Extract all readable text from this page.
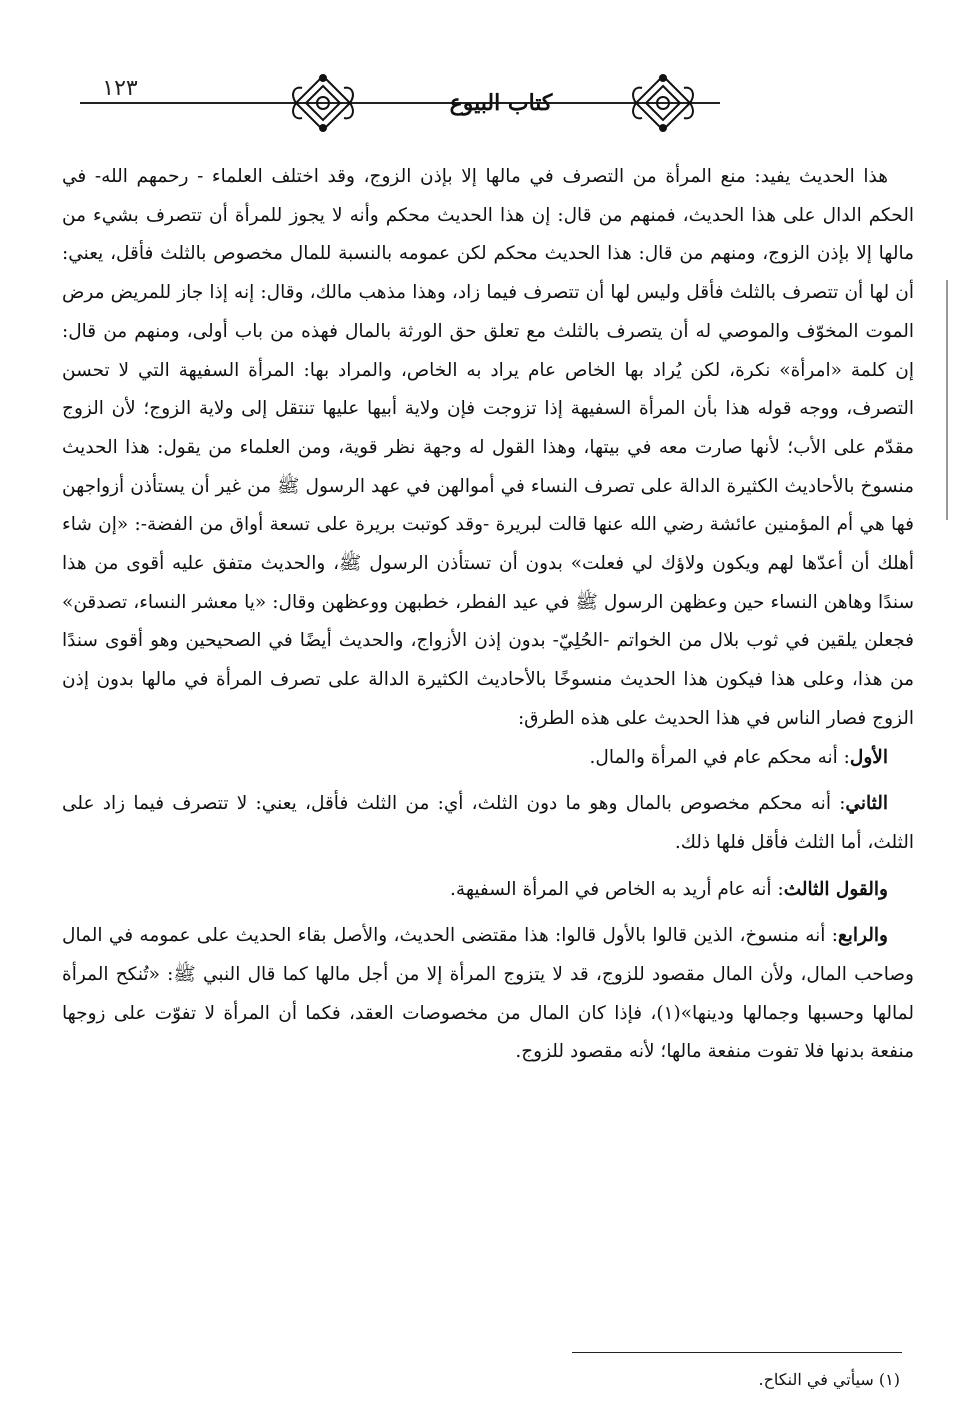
١٢٣
كتاب البيوع

هذا الحديث يفيد: منع المرأة من التصرف في مالها إلا بإذن الزوج، وقد اختلف العلماء - رحمهم الله- في الحكم الدال على هذا الحديث، فمنهم من قال: إن هذا الحديث محكم وأنه لا يجوز للمرأة أن تتصرف بشيء من مالها إلا بإذن الزوج، ومنهم من قال: هذا الحديث محكم لكن عمومه بالنسبة للمال مخصوص بالثلث فأقل، يعني: أن لها أن تتصرف بالثلث فأقل وليس لها أن تتصرف فيما زاد، وهذا مذهب مالك، وقال: إنه إذا جاز للمريض مرض الموت المخوّف والموصي له أن يتصرف بالثلث مع تعلق حق الورثة بالمال فهذه من باب أولى، ومنهم من قال: إن كلمة «امرأة» نكرة، لكن يُراد بها الخاص عام يراد به الخاص، والمراد بها: المرأة السفيهة التي لا تحسن التصرف، ووجه قوله هذا بأن المرأة السفيهة إذا تزوجت فإن ولاية أبيها عليها تنتقل إلى ولاية الزوج؛ لأن الزوج مقدّم على الأب؛ لأنها صارت معه في بيتها، وهذا القول له وجهة نظر قوية، ومن العلماء من يقول: هذا الحديث منسوخ بالأحاديث الكثيرة الدالة على تصرف النساء في أموالهن في عهد الرسول ﷺ من غير أن يستأذن أزواجهن فها هي أم المؤمنين عائشة رضي الله عنها قالت لبريرة -وقد كوتبت بريرة على تسعة أواق من الفضة-: «إن شاء أهلك أن أعدّها لهم ويكون ولاؤك لي فعلت» بدون أن تستأذن الرسول ﷺ، والحديث متفق عليه أقوى من هذا سندًا وهاهن النساء حين وعظهن الرسول ﷺ في عيد الفطر، خطبهن ووعظهن وقال: «يا معشر النساء، تصدقن» فجعلن يلقين في ثوب بلال من الخواتم -الحُلِيّ- بدون إذن الأزواج، والحديث أيضًا في الصحيحين وهو أقوى سندًا من هذا، وعلى هذا فيكون هذا الحديث منسوخًا بالأحاديث الكثيرة الدالة على تصرف المرأة في مالها بدون إذن الزوج فصار الناس في هذا الحديث على هذه الطرق:

الأول: أنه محكم عام في المرأة والمال.

الثاني: أنه محكم مخصوص بالمال وهو ما دون الثلث، أي: من الثلث فأقل، يعني: لا تتصرف فيما زاد على الثلث، أما الثلث فأقل فلها ذلك.

والقول الثالث: أنه عام أريد به الخاص في المرأة السفيهة.

والرابع: أنه منسوخ، الذين قالوا بالأول قالوا: هذا مقتضى الحديث، والأصل بقاء الحديث على عمومه في المال وصاحب المال، ولأن المال مقصود للزوج، قد لا يتزوج المرأة إلا من أجل مالها كما قال النبي ﷺ: «تُنكح المرأة لمالها وحسبها وجمالها ودينها»(١)، فإذا كان المال من مخصوصات العقد، فكما أن المرأة لا تفوّت على زوجها منفعة بدنها فلا تفوت منفعة مالها؛ لأنه مقصود للزوج.

(١) سيأتي في النكاح.
